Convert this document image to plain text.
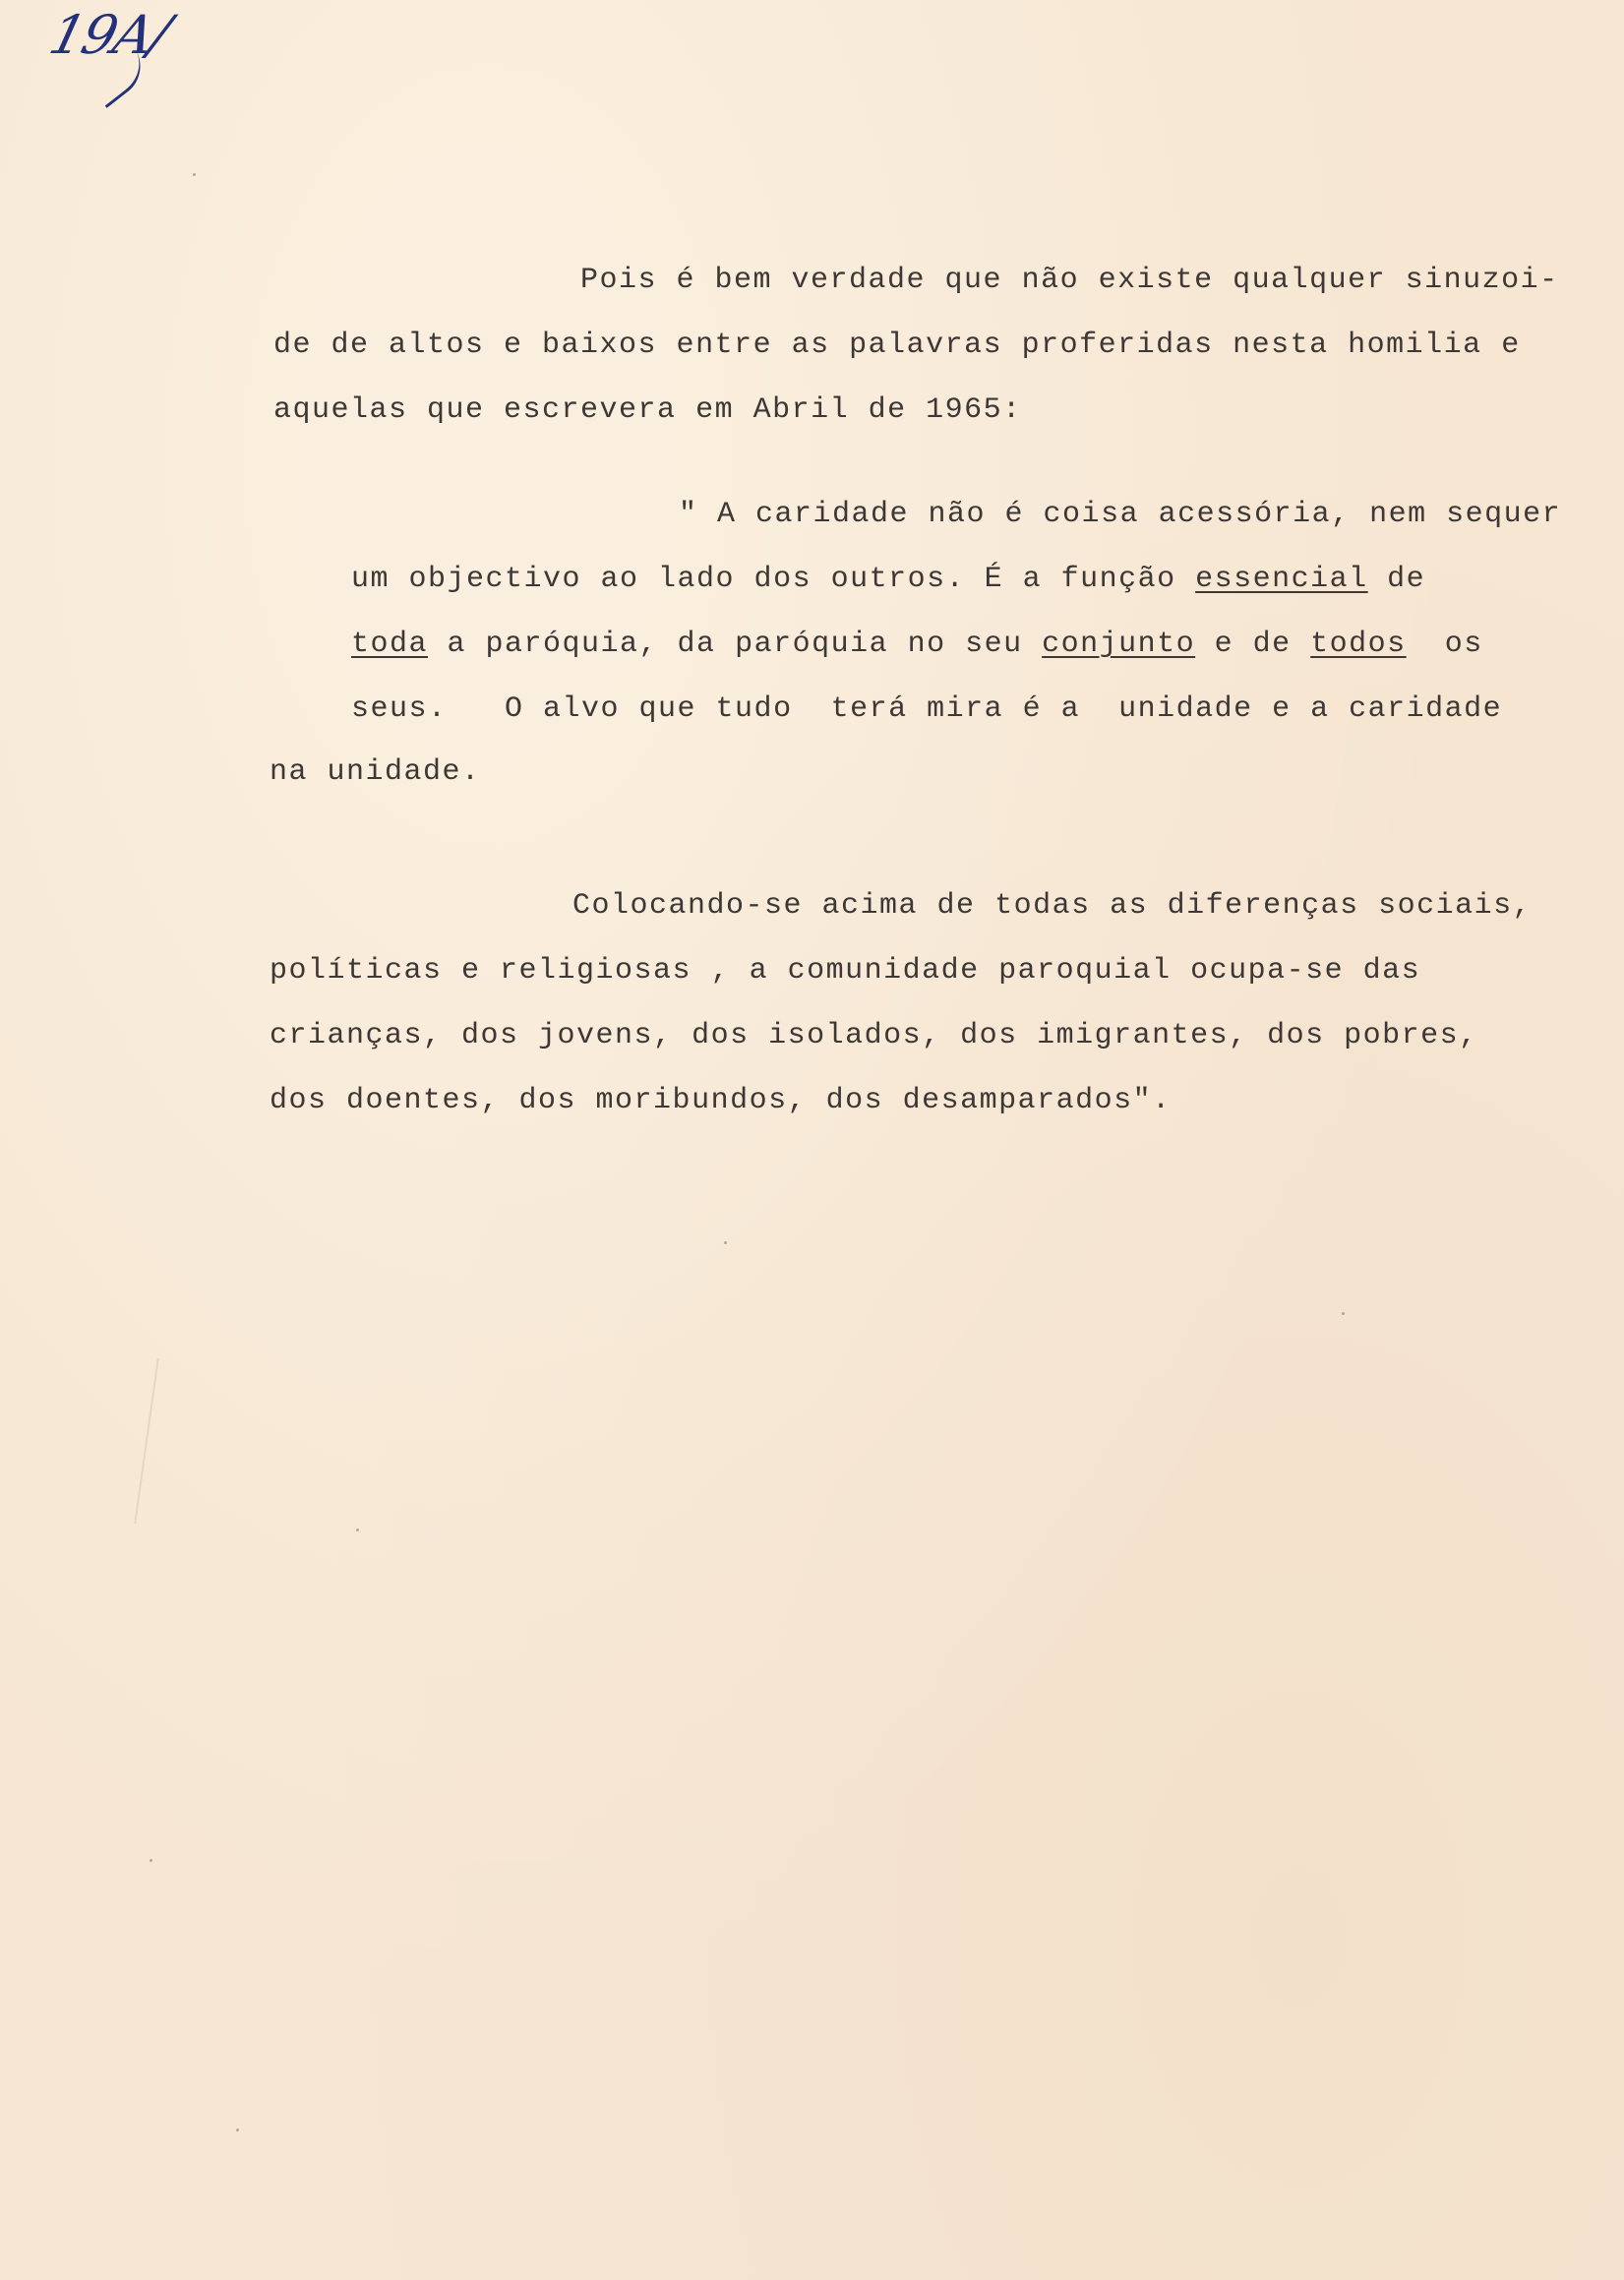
19A/
Pois é bem verdade que não existe qualquer sinuzoi-
de de altos e baixos entre as palavras proferidas nesta homilia e
aquelas que escrevera em Abril de 1965:
" A caridade não é coisa acessória, nem sequer
um objectivo ao lado dos outros. É a função essencial de
toda a paróquia, da paróquia no seu conjunto e de todos  os
seus.   O alvo que tudo  terá mira é a  unidade e a caridade
na unidade.
Colocando-se acima de todas as diferenças sociais,
políticas e religiosas , a comunidade paroquial ocupa-se das
crianças, dos jovens, dos isolados, dos imigrantes, dos pobres,
dos doentes, dos moribundos, dos desamparados".
